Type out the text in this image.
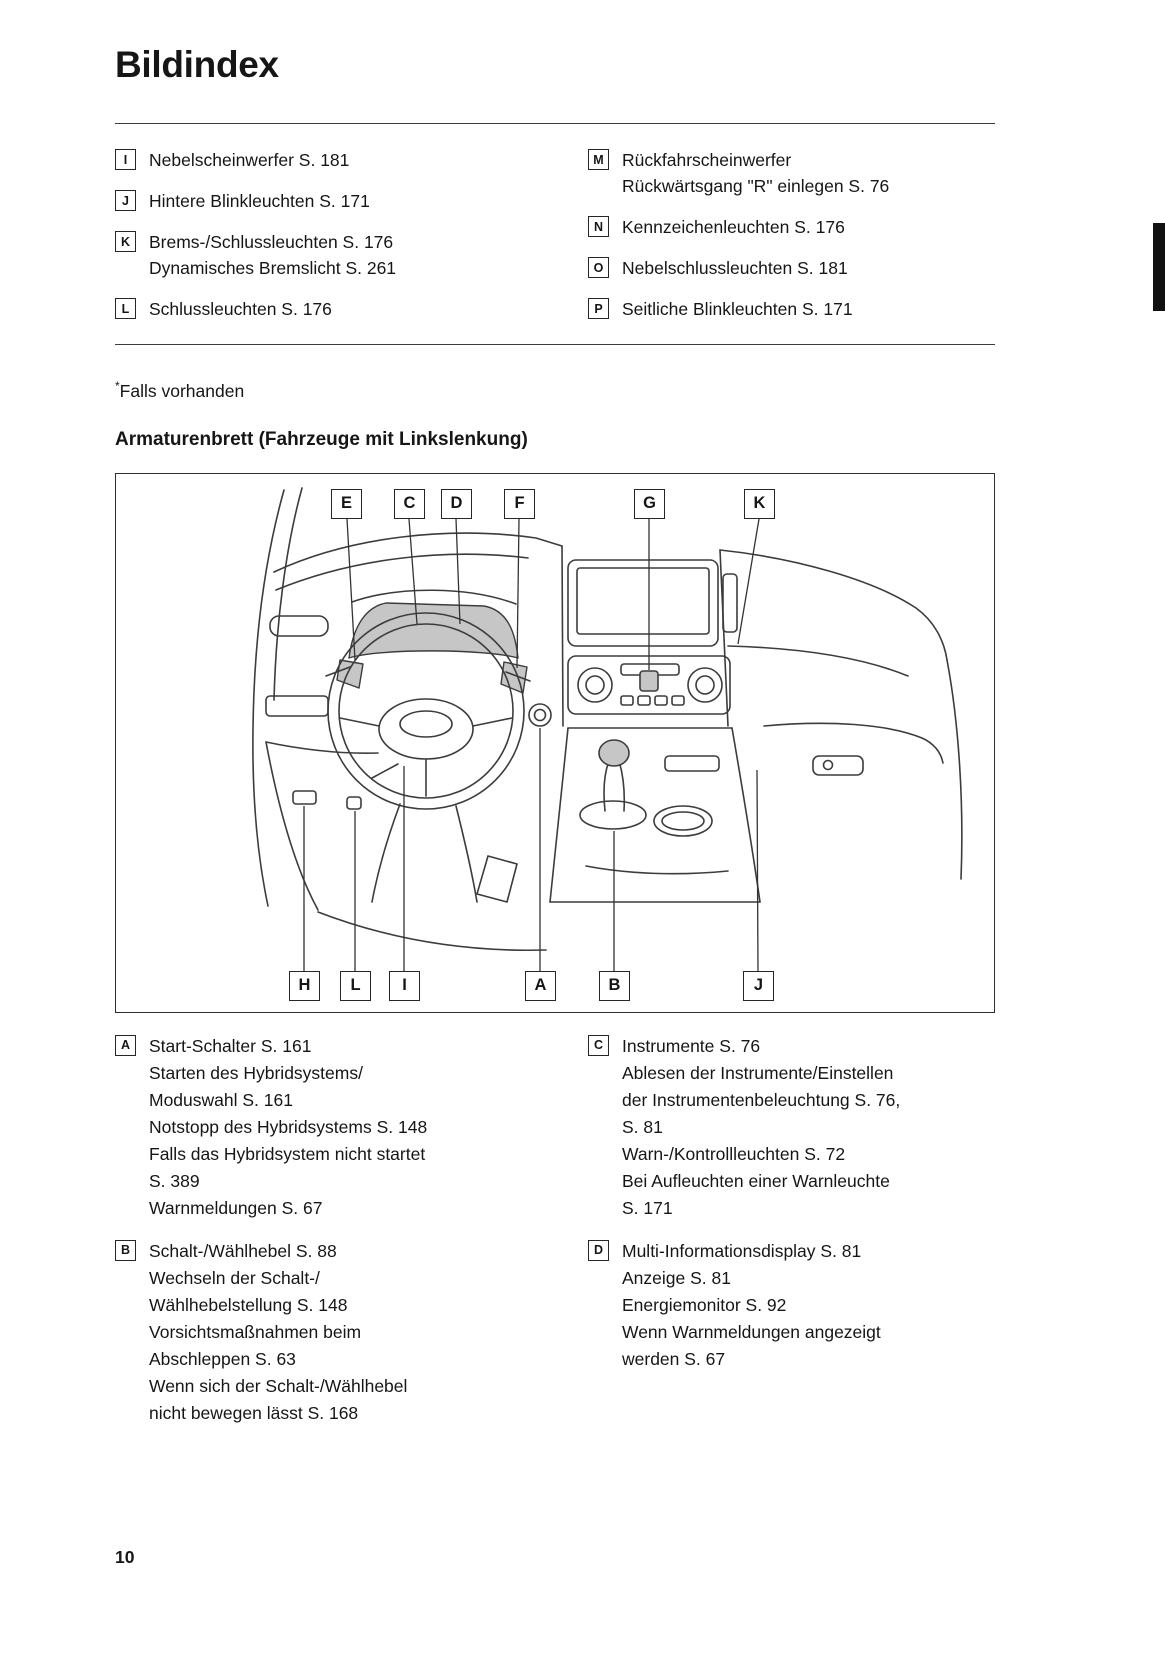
Bildindex
I	Nebelscheinwerfer S. 181
J	Hintere Blinkleuchten S. 171
K	Brems-/Schlussleuchten S. 176
Dynamisches Bremslicht S. 261
L	Schlussleuchten S. 176
M	Rückfahrscheinwerfer
Rückwärtsgang "R" einlegen S. 76
N	Kennzeichenleuchten S. 176
O	Nebelschlussleuchten S. 181
P	Seitliche Blinkleuchten S. 171

*Falls vorhanden

Armaturenbrett (Fahrzeuge mit Linkslenkung)
E	C	D	F	G	K
H	L	I	A	B	J
A	Start-Schalter S. 161
Starten des Hybridsystems/
Moduswahl S. 161
Notstopp des Hybridsystems S. 148
Falls das Hybridsystem nicht startet
S. 389
Warnmeldungen S. 67
B	Schalt-/Wählhebel S. 88
Wechseln der Schalt-/
Wählhebelstellung S. 148
Vorsichtsmaßnahmen beim
Abschleppen S. 63
Wenn sich der Schalt-/Wählhebel
nicht bewegen lässt S. 168
C	Instrumente S. 76
Ablesen der Instrumente/Einstellen
der Instrumentenbeleuchtung S. 76,
S. 81
Warn-/Kontrollleuchten S. 72
Bei Aufleuchten einer Warnleuchte
S. 171
D	Multi-Informationsdisplay S. 81
Anzeige S. 81
Energiemonitor S. 92
Wenn Warnmeldungen angezeigt
werden S. 67
10
